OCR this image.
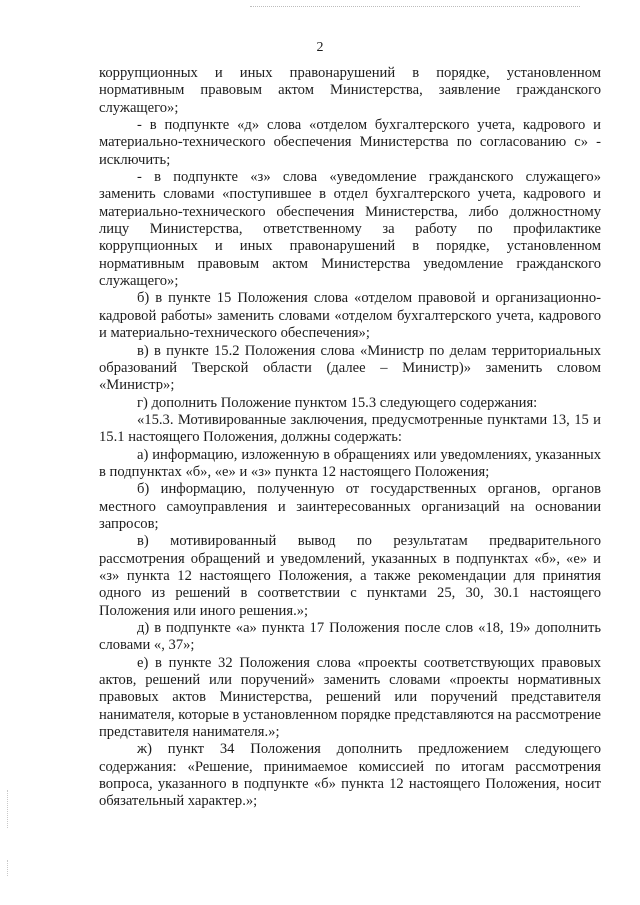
2

коррупционных и иных правонарушений в порядке, установленном нормативным правовым актом Министерства, заявление гражданского служащего»;

- в подпункте «д» слова «отделом бухгалтерского учета, кадрового и материально-технического обеспечения Министерства по согласованию с» - исключить;

- в подпункте «з» слова «уведомление гражданского служащего» заменить словами «поступившее в отдел бухгалтерского учета, кадрового и материально-технического обеспечения Министерства, либо должностному лицу Министерства, ответственному за работу по профилактике коррупционных и иных правонарушений в порядке, установленном нормативным правовым актом Министерства уведомление гражданского служащего»;

б) в пункте 15 Положения слова «отделом правовой и организационно-кадровой работы» заменить словами «отделом бухгалтерского учета, кадрового и материально-технического обеспечения»;

в) в пункте 15.2 Положения слова «Министр по делам территориальных образований Тверской области (далее – Министр)» заменить словом «Министр»;

г) дополнить Положение пунктом 15.3 следующего содержания:

«15.3. Мотивированные заключения, предусмотренные пунктами 13, 15 и 15.1 настоящего Положения, должны содержать:

а) информацию, изложенную в обращениях или уведомлениях, указанных в подпунктах «б», «е» и «з» пункта 12 настоящего Положения;

б) информацию, полученную от государственных органов, органов местного самоуправления и заинтересованных организаций на основании запросов;

в) мотивированный вывод по результатам предварительного рассмотрения обращений и уведомлений, указанных в подпунктах «б», «е» и «з» пункта 12 настоящего Положения, а также рекомендации для принятия одного из решений в соответствии с пунктами 25, 30, 30.1 настоящего Положения или иного решения.»;

д) в подпункте «а» пункта 17 Положения после слов «18, 19» дополнить словами «, 37»;

е) в пункте 32 Положения слова «проекты соответствующих правовых актов, решений или поручений» заменить словами «проекты нормативных правовых актов Министерства, решений или поручений представителя нанимателя, которые в установленном порядке представляются на рассмотрение представителя нанимателя.»;

ж) пункт 34 Положения дополнить предложением следующего содержания: «Решение, принимаемое комиссией по итогам рассмотрения вопроса, указанного в подпункте «б» пункта 12 настоящего Положения, носит обязательный характер.»;
